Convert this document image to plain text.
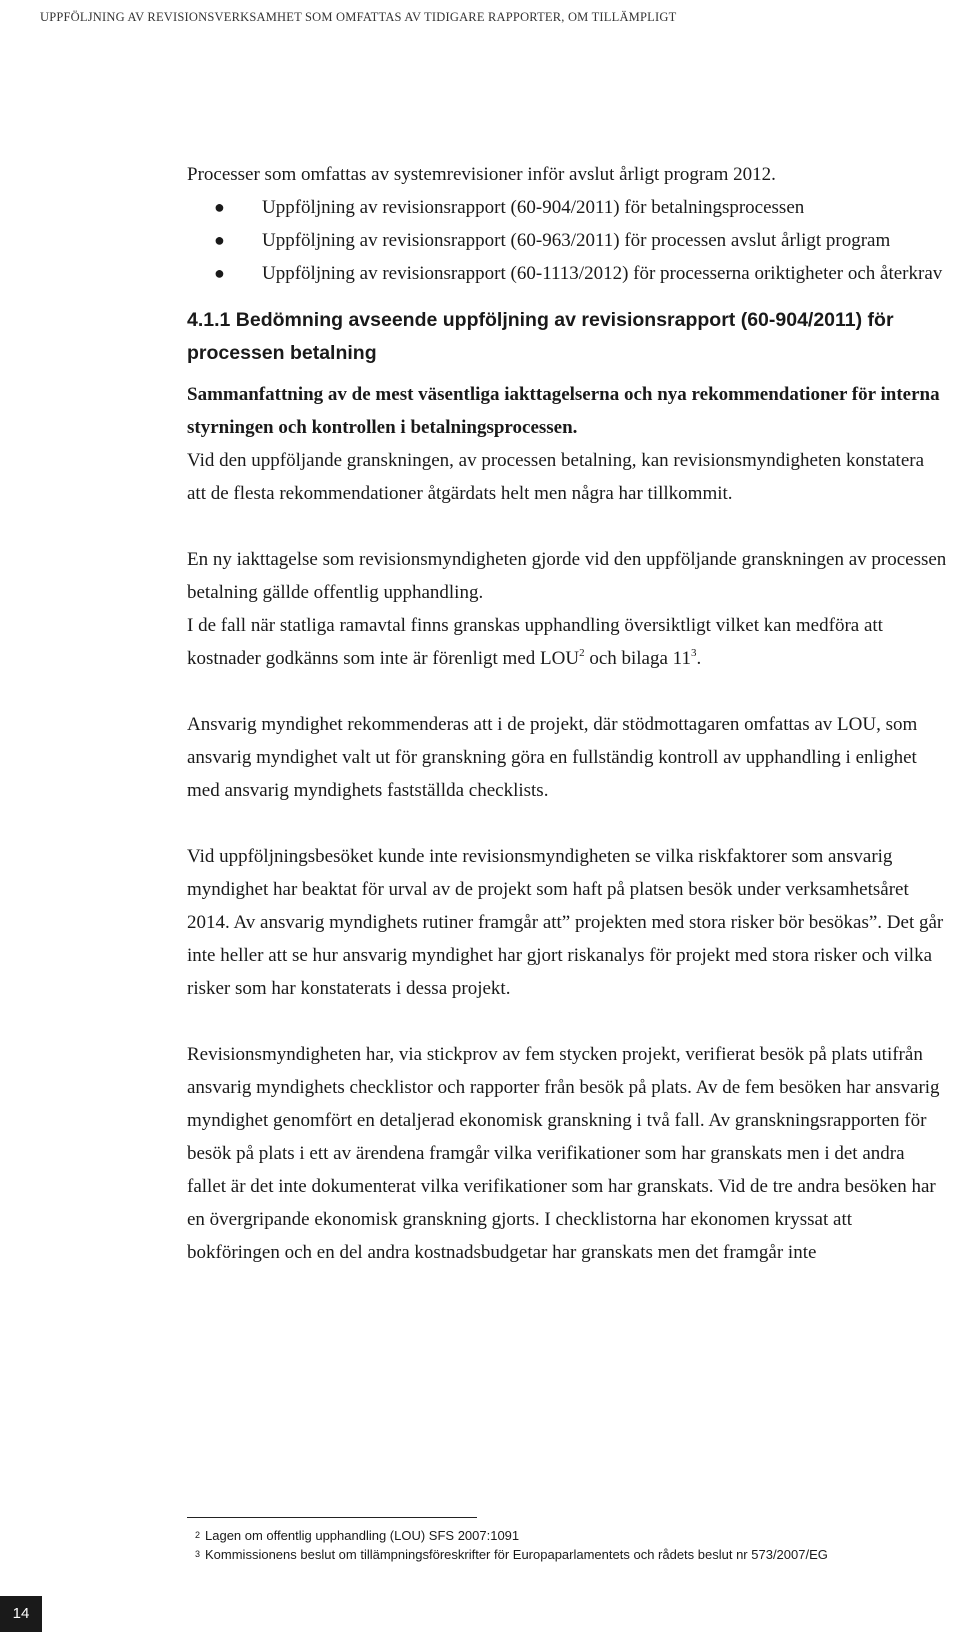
UPPFÖLJNING AV REVISIONSVERKSAMHET SOM OMFATTAS AV TIDIGARE RAPPORTER, OM TILLÄMPLIGT

Processer som omfattas av systemrevisioner inför avslut årligt program 2012.

● Uppföljning av revisionsrapport (60-904/2011) för betalningsprocessen
● Uppföljning av revisionsrapport (60-963/2011) för processen avslut årligt program
● Uppföljning av revisionsrapport (60-1113/2012) för processerna oriktigheter och återkrav
4.1.1 Bedömning avseende uppföljning av revisionsrapport (60-904/2011) för processen betalning

Sammanfattning av de mest väsentliga iakttagelserna och nya rekommendationer för interna styrningen och kontrollen i betalningsprocessen.

Vid den uppföljande granskningen, av processen betalning, kan revisionsmyndigheten konstatera att de flesta rekommendationer åtgärdats helt men några har tillkommit.

En ny iakttagelse som revisionsmyndigheten gjorde vid den uppföljande granskningen av processen betalning gällde offentlig upphandling.

I de fall när statliga ramavtal finns granskas upphandling översiktligt vilket kan medföra att kostnader godkänns som inte är förenligt med LOU$^2$ och bilaga $11^3$.

Ansvarig myndighet rekommenderas att i de projekt, där stödmottagaren omfattas av LOU, som ansvarig myndighet valt ut för granskning göra en fullständig kontroll av upphandling i enlighet med ansvarig myndighets fastställda checklists.

Vid uppföljningsbesöket kunde inte revisionsmyndigheten se vilka riskfaktorer som ansvarig myndighet har beaktat för urval av de projekt som haft på platsen besök under verksamhetsåret 2014. Av ansvarig myndighets rutiner framgår att” projekten med stora risker bör besökas”. Det går inte heller att se hur ansvarig myndighet har gjort riskanalys för projekt med stora risker och vilka risker som har konstaterats i dessa projekt.

Revisionsmyndigheten har, via stickprov av fem stycken projekt, verifierat besök på plats utifrån ansvarig myndighets checklistor och rapporter från besök på plats. Av de fem besöken har ansvarig myndighet genomfört en detaljerad ekonomisk granskning i två fall. Av granskningsrapporten för besök på plats i ett av ärendena framgår vilka verifikationer som har granskats men i det andra fallet är det inte dokumenterat vilka verifikationer som har granskats. Vid de tre andra besöken har en övergripande ekonomisk granskning gjorts. I checklistorna har ekonomen kryssat att bokföringen och en del andra kostnadsbudgetar har granskats men det framgår inte

2 Lagen om offentlig upphandling (LOU) SFS 2007:1091
3 Kommissionens beslut om tillämpningsföreskrifter för Europaparlamentets och rådets beslut nr 573/2007/EG
14
